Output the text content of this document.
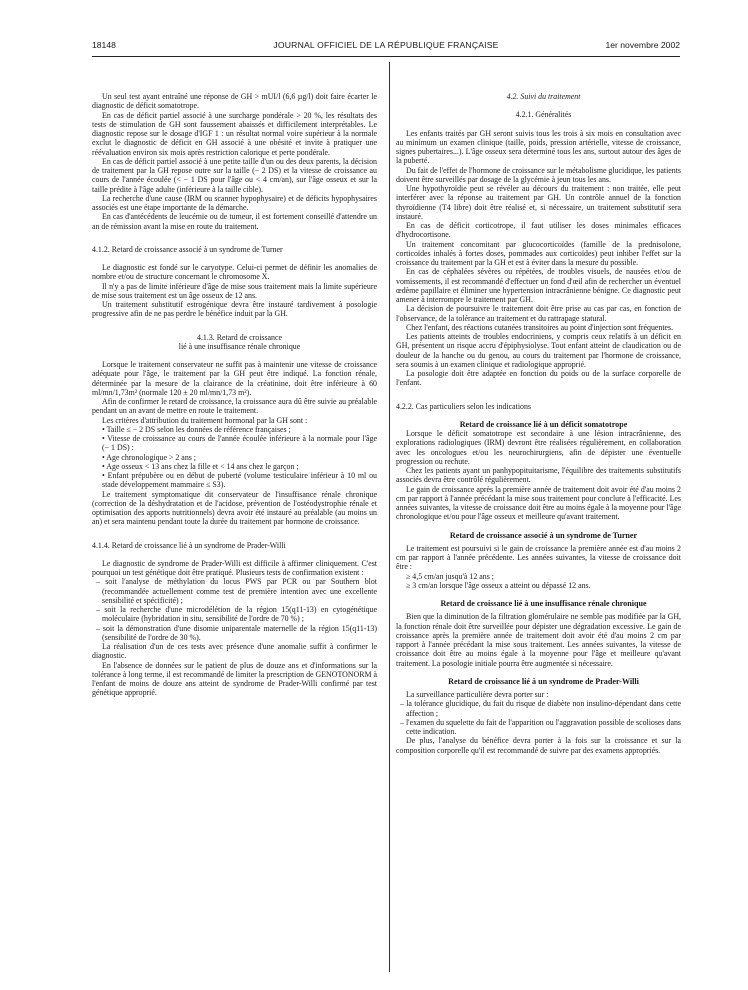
18148	JOURNAL OFFICIEL DE LA RÉPUBLIQUE FRANÇAISE	1er novembre 2002

Un seul test ayant entraîné une réponse de GH > mUI/l (6,6 µg/l) doit faire écarter le diagnostic de déficit somatotrope.

En cas de déficit partiel associé à une surcharge pondérale > 20 %, les résultats des tests de stimulation de GH sont faussement abaissés et difficilement interprétables. Le diagnostic repose sur le dosage d'IGF 1 : un résultat normal voire supérieur à la normale exclut le diagnostic de déficit en GH associé à une obésité et invite à pratiquer une réévaluation environ six mois après restriction calorique et perte pondérale.

En cas de déficit partiel associé à une petite taille d'un ou des deux parents, la décision de traitement par la GH repose outre sur la taille (− 2 DS) et la vitesse de croissance au cours de l'année écoulée (< − 1 DS pour l'âge ou < 4 cm/an), sur l'âge osseux et sur la taille prédite à l'âge adulte (inférieure à la taille cible).

La recherche d'une cause (IRM ou scanner hypophysaire) et de déficits hypophysaires associés est une étape importante de la démarche.

En cas d'antécédents de leucémie ou de tumeur, il est fortement conseillé d'attendre un an de rémission avant la mise en route du traitement.

4.1.2. Retard de croissance associé à un syndrome de Turner

Le diagnostic est fondé sur le caryotype. Celui-ci permet de définir les anomalies de nombre et/ou de structure concernant le chromosome X.

Il n'y a pas de limite inférieure d'âge de mise sous traitement mais la limite supérieure de mise sous traitement est un âge osseux de 12 ans.

Un traitement substitutif estrogénique devra être instauré tardivement à posologie progressive afin de ne pas perdre le bénéfice induit par la GH.

4.1.3. Retard de croissance

lié à une insuffisance rénale chronique

Lorsque le traitement conservateur ne suffit pas à maintenir une vitesse de croissance adéquate pour l'âge, le traitement par la GH peut être indiqué. La fonction rénale, déterminée par la mesure de la clairance de la créatinine, doit être inférieure à 60 ml/mn/1,73m² (normale 120 ± 20 ml/mn/1,73 m²).

Afin de confirmer le retard de croissance, la croissance aura dû être suivie au préalable pendant un an avant de mettre en route le traitement.

Les critères d'attribution du traitement hormonal par la GH sont :

• Taille ≤ − 2 DS selon les données de référence françaises ;

• Vitesse de croissance au cours de l'année écoulée inférieure à la normale pour l'âge (− 1 DS) :

• Age chronologique > 2 ans ;

• Age osseux < 13 ans chez la fille et < 14 ans chez le garçon ;

• Enfant prépubère ou en début de puberté (volume testiculaire inférieur à 10 ml ou stade développement mammaire ≤ S3).

Le traitement symptomatique dit conservateur de l'insuffisance rénale chronique (correction de la déshydratation et de l'acidose, prévention de l'ostéodystrophie rénale et optimisation des apports nutritionnels) devra avoir été instauré au préalable (au moins un an) et sera maintenu pendant toute la durée du traitement par hormone de croissance.

4.1.4. Retard de croissance lié à un syndrome de Prader-Willi

Le diagnostic de syndrome de Prader-Willi est difficile à affirmer cliniquement. C'est pourquoi un test génétique doit être pratiqué. Plusieurs tests de confirmation existent :

– soit l'analyse de méthylation du locus PWS par PCR ou par Southern blot (recommandée actuellement comme test de première intention avec une excellente sensibilité et spécificité) ;

– soit la recherche d'une microdélétion de la région 15(q11-13) en cytogénétique moléculaire (hybridation in situ, sensibilité de l'ordre de 70 %) ;

– soit la démonstration d'une disomie uniparentale maternelle de la région 15(q11-13) (sensibilité de l'ordre de 30 %).

La réalisation d'un de ces tests avec présence d'une anomalie suffit à confirmer le diagnostic.

En l'absence de données sur le patient de plus de douze ans et d'informations sur la tolérance à long terme, il est recommandé de limiter la prescription de GENOTONORM à l'enfant de moins de douze ans atteint de syndrome de Prader-Willi confirmé par test génétique approprié.

4.2. Suivi du traitement

4.2.1. Généralités

Les enfants traités par GH seront suivis tous les trois à six mois en consultation avec au minimum un examen clinique (taille, poids, pression artérielle, vitesse de croissance, signes pubertaires...). L'âge osseux sera déterminé tous les ans, surtout autour des âges de la puberté.

Du fait de l'effet de l'hormone de croissance sur le métabolisme glucidique, les patients doivent être surveillés par dosage de la glycémie à jeun tous les ans.

Une hypothyroïdie peut se révéler au décours du traitement : non traitée, elle peut interférer avec la réponse au traitement par GH. Un contrôle annuel de la fonction thyroïdienne (T4 libre) doit être réalisé et, si nécessaire, un traitement substitutif sera instauré.

En cas de déficit corticotrope, il faut utiliser les doses minimales efficaces d'hydrocortisone.

Un traitement concomitant par glucocorticoïdes (famille de la prednisolone, corticoïdes inhalés à fortes doses, pommades aux corticoïdes) peut inhiber l'effet sur la croissance du traitement par la GH et est à éviter dans la mesure du possible.

En cas de céphalées sévères ou répétées, de troubles visuels, de nausées et/ou de vomissements, il est recommandé d'effectuer un fond d'œil afin de rechercher un éventuel œdème papillaire et éliminer une hypertension intracrânienne bénigne. Ce diagnostic peut amener à interrompre le traitement par GH.

La décision de poursuivre le traitement doit être prise au cas par cas, en fonction de l'observance, de la tolérance au traitement et du rattrapage statural.

Chez l'enfant, des réactions cutanées transitoires au point d'injection sont fréquentes.

Les patients atteints de troubles endocriniens, y compris ceux relatifs à un déficit en GH, présentent un risque accru d'épiphysiolyse. Tout enfant atteint de claudication ou de douleur de la hanche ou du genou, au cours du traitement par l'hormone de croissance, sera soumis à un examen clinique et radiologique approprié.

La posologie doit être adaptée en fonction du poids ou de la surface corporelle de l'enfant.

4.2.2. Cas particuliers selon les indications

Retard de croissance lié à un déficit somatotrope

Lorsque le déficit somatotrope est secondaire à une lésion intracrânienne, des explorations radiologiques (IRM) devront être réalisées régulièrement, en collaboration avec les oncologues et/ou les neurochirurgiens, afin de dépister une éventuelle progression ou rechute.

Chez les patients ayant un panhypopituitarisme, l'équilibre des traitements substitutifs associés devra être contrôlé régulièrement.

Le gain de croissance après la première année de traitement doit avoir été d'au moins 2 cm par rapport à l'année précédant la mise sous traitement pour conclure à l'efficacité. Les années suivantes, la vitesse de croissance doit être au moins égale à la moyenne pour l'âge chronologique et/ou pour l'âge osseux et meilleure qu'avant traitement.

Retard de croissance associé à un syndrome de Turner

Le traitement est poursuivi si le gain de croissance la première année est d'au moins 2 cm par rapport à l'année précédente. Les années suivantes, la vitesse de croissance doit être :

≥ 4,5 cm/an jusqu'à 12 ans ;

≥ 3 cm/an lorsque l'âge osseux a atteint ou dépassé 12 ans.

Retard de croissance lié à une insuffisance rénale chronique

Bien que la diminution de la filtration glomérulaire ne semble pas modifiée par la GH, la fonction rénale doit être surveillée pour dépister une dégradation excessive. Le gain de croissance après la première année de traitement doit avoir été d'au moins 2 cm par rapport à l'année précédant la mise sous traitement. Les années suivantes, la vitesse de croissance doit être au moins égale à la moyenne pour l'âge et meilleure qu'avant traitement. La posologie initiale pourra être augmentée si nécessaire.

Retard de croissance lié à un syndrome de Prader-Willi

La surveillance particulière devra porter sur :

– la tolérance glucidique, du fait du risque de diabète non insulino-dépendant dans cette affection ;

– l'examen du squelette du fait de l'apparition ou l'aggravation possible de scolioses dans cette indication.

De plus, l'analyse du bénéfice devra porter à la fois sur la croissance et sur la composition corporelle qu'il est recommandé de suivre par des examens appropriés.
